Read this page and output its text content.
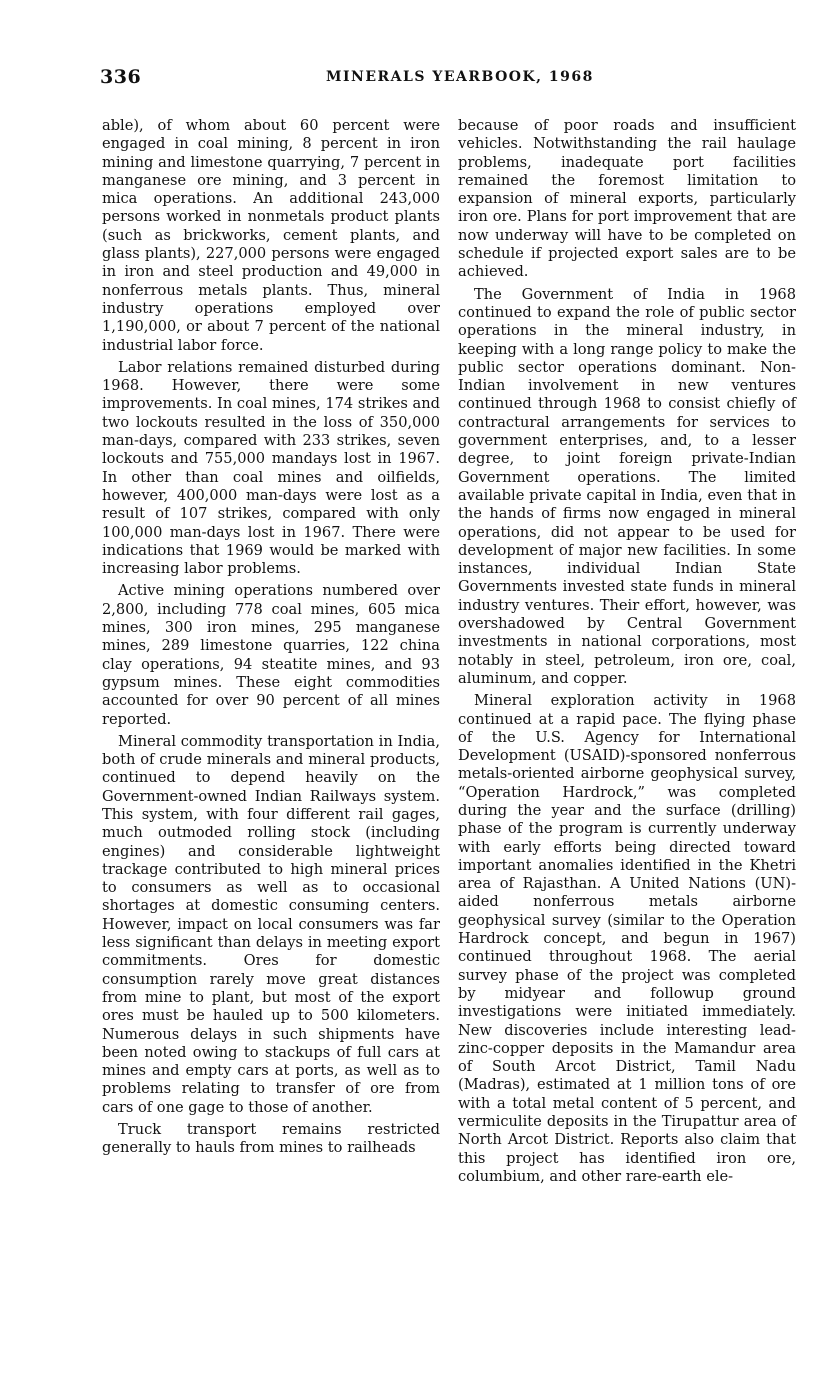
336	MINERALS YEARBOOK, 1968

able), of whom about 60 percent were engaged in coal mining, 8 percent in iron mining and limestone quarrying, 7 percent in manganese ore mining, and 3 percent in mica operations. An additional 243,000 persons worked in nonmetals product plants (such as brickworks, cement plants, and glass plants), 227,000 persons were engaged in iron and steel production and 49,000 in nonferrous metals plants. Thus, mineral industry operations employed over 1,190,000, or about 7 percent of the national industrial labor force.

Labor relations remained disturbed during 1968. However, there were some improvements. In coal mines, 174 strikes and two lockouts resulted in the loss of 350,000 man-days, compared with 233 strikes, seven lockouts and 755,000 mandays lost in 1967. In other than coal mines and oilfields, however, 400,000 man-days were lost as a result of 107 strikes, compared with only 100,000 man-days lost in 1967. There were indications that 1969 would be marked with increasing labor problems.

Active mining operations numbered over 2,800, including 778 coal mines, 605 mica mines, 300 iron mines, 295 manganese mines, 289 limestone quarries, 122 china clay operations, 94 steatite mines, and 93 gypsum mines. These eight commodities accounted for over 90 percent of all mines reported.

Mineral commodity transportation in India, both of crude minerals and mineral products, continued to depend heavily on the Government-owned Indian Railways system. This system, with four different rail gages, much outmoded rolling stock (including engines) and considerable lightweight trackage contributed to high mineral prices to consumers as well as to occasional shortages at domestic consuming centers. However, impact on local consumers was far less significant than delays in meeting export commitments. Ores for domestic consumption rarely move great distances from mine to plant, but most of the export ores must be hauled up to 500 kilometers. Numerous delays in such shipments have been noted owing to stackups of full cars at mines and empty cars at ports, as well as to problems relating to transfer of ore from cars of one gage to those of another.

Truck transport remains restricted generally to hauls from mines to railheads

because of poor roads and insufficient vehicles. Notwithstanding the rail haulage problems, inadequate port facilities remained the foremost limitation to expansion of mineral exports, particularly iron ore. Plans for port improvement that are now underway will have to be completed on schedule if projected export sales are to be achieved.

The Government of India in 1968 continued to expand the role of public sector operations in the mineral industry, in keeping with a long range policy to make the public sector operations dominant. Non-Indian involvement in new ventures continued through 1968 to consist chiefly of contractural arrangements for services to government enterprises, and, to a lesser degree, to joint foreign private-Indian Government operations. The limited available private capital in India, even that in the hands of firms now engaged in mineral operations, did not appear to be used for development of major new facilities. In some instances, individual Indian State Governments invested state funds in mineral industry ventures. Their effort, however, was overshadowed by Central Government investments in national corporations, most notably in steel, petroleum, iron ore, coal, aluminum, and copper.

Mineral exploration activity in 1968 continued at a rapid pace. The flying phase of the U.S. Agency for International Development (USAID)-sponsored nonferrous metals-oriented airborne geophysical survey, “Operation Hardrock,” was completed during the year and the surface (drilling) phase of the program is currently underway with early efforts being directed toward important anomalies identified in the Khetri area of Rajasthan. A United Nations (UN)-aided nonferrous metals airborne geophysical survey (similar to the Operation Hardrock concept, and begun in 1967) continued throughout 1968. The aerial survey phase of the project was completed by midyear and followup ground investigations were initiated immediately. New discoveries include interesting lead-zinc-copper deposits in the Mamandur area of South Arcot District, Tamil Nadu (Madras), estimated at 1 million tons of ore with a total metal content of 5 percent, and vermiculite deposits in the Tirupattur area of North Arcot District. Reports also claim that this project has identified iron ore, columbium, and other rare-earth ele-
